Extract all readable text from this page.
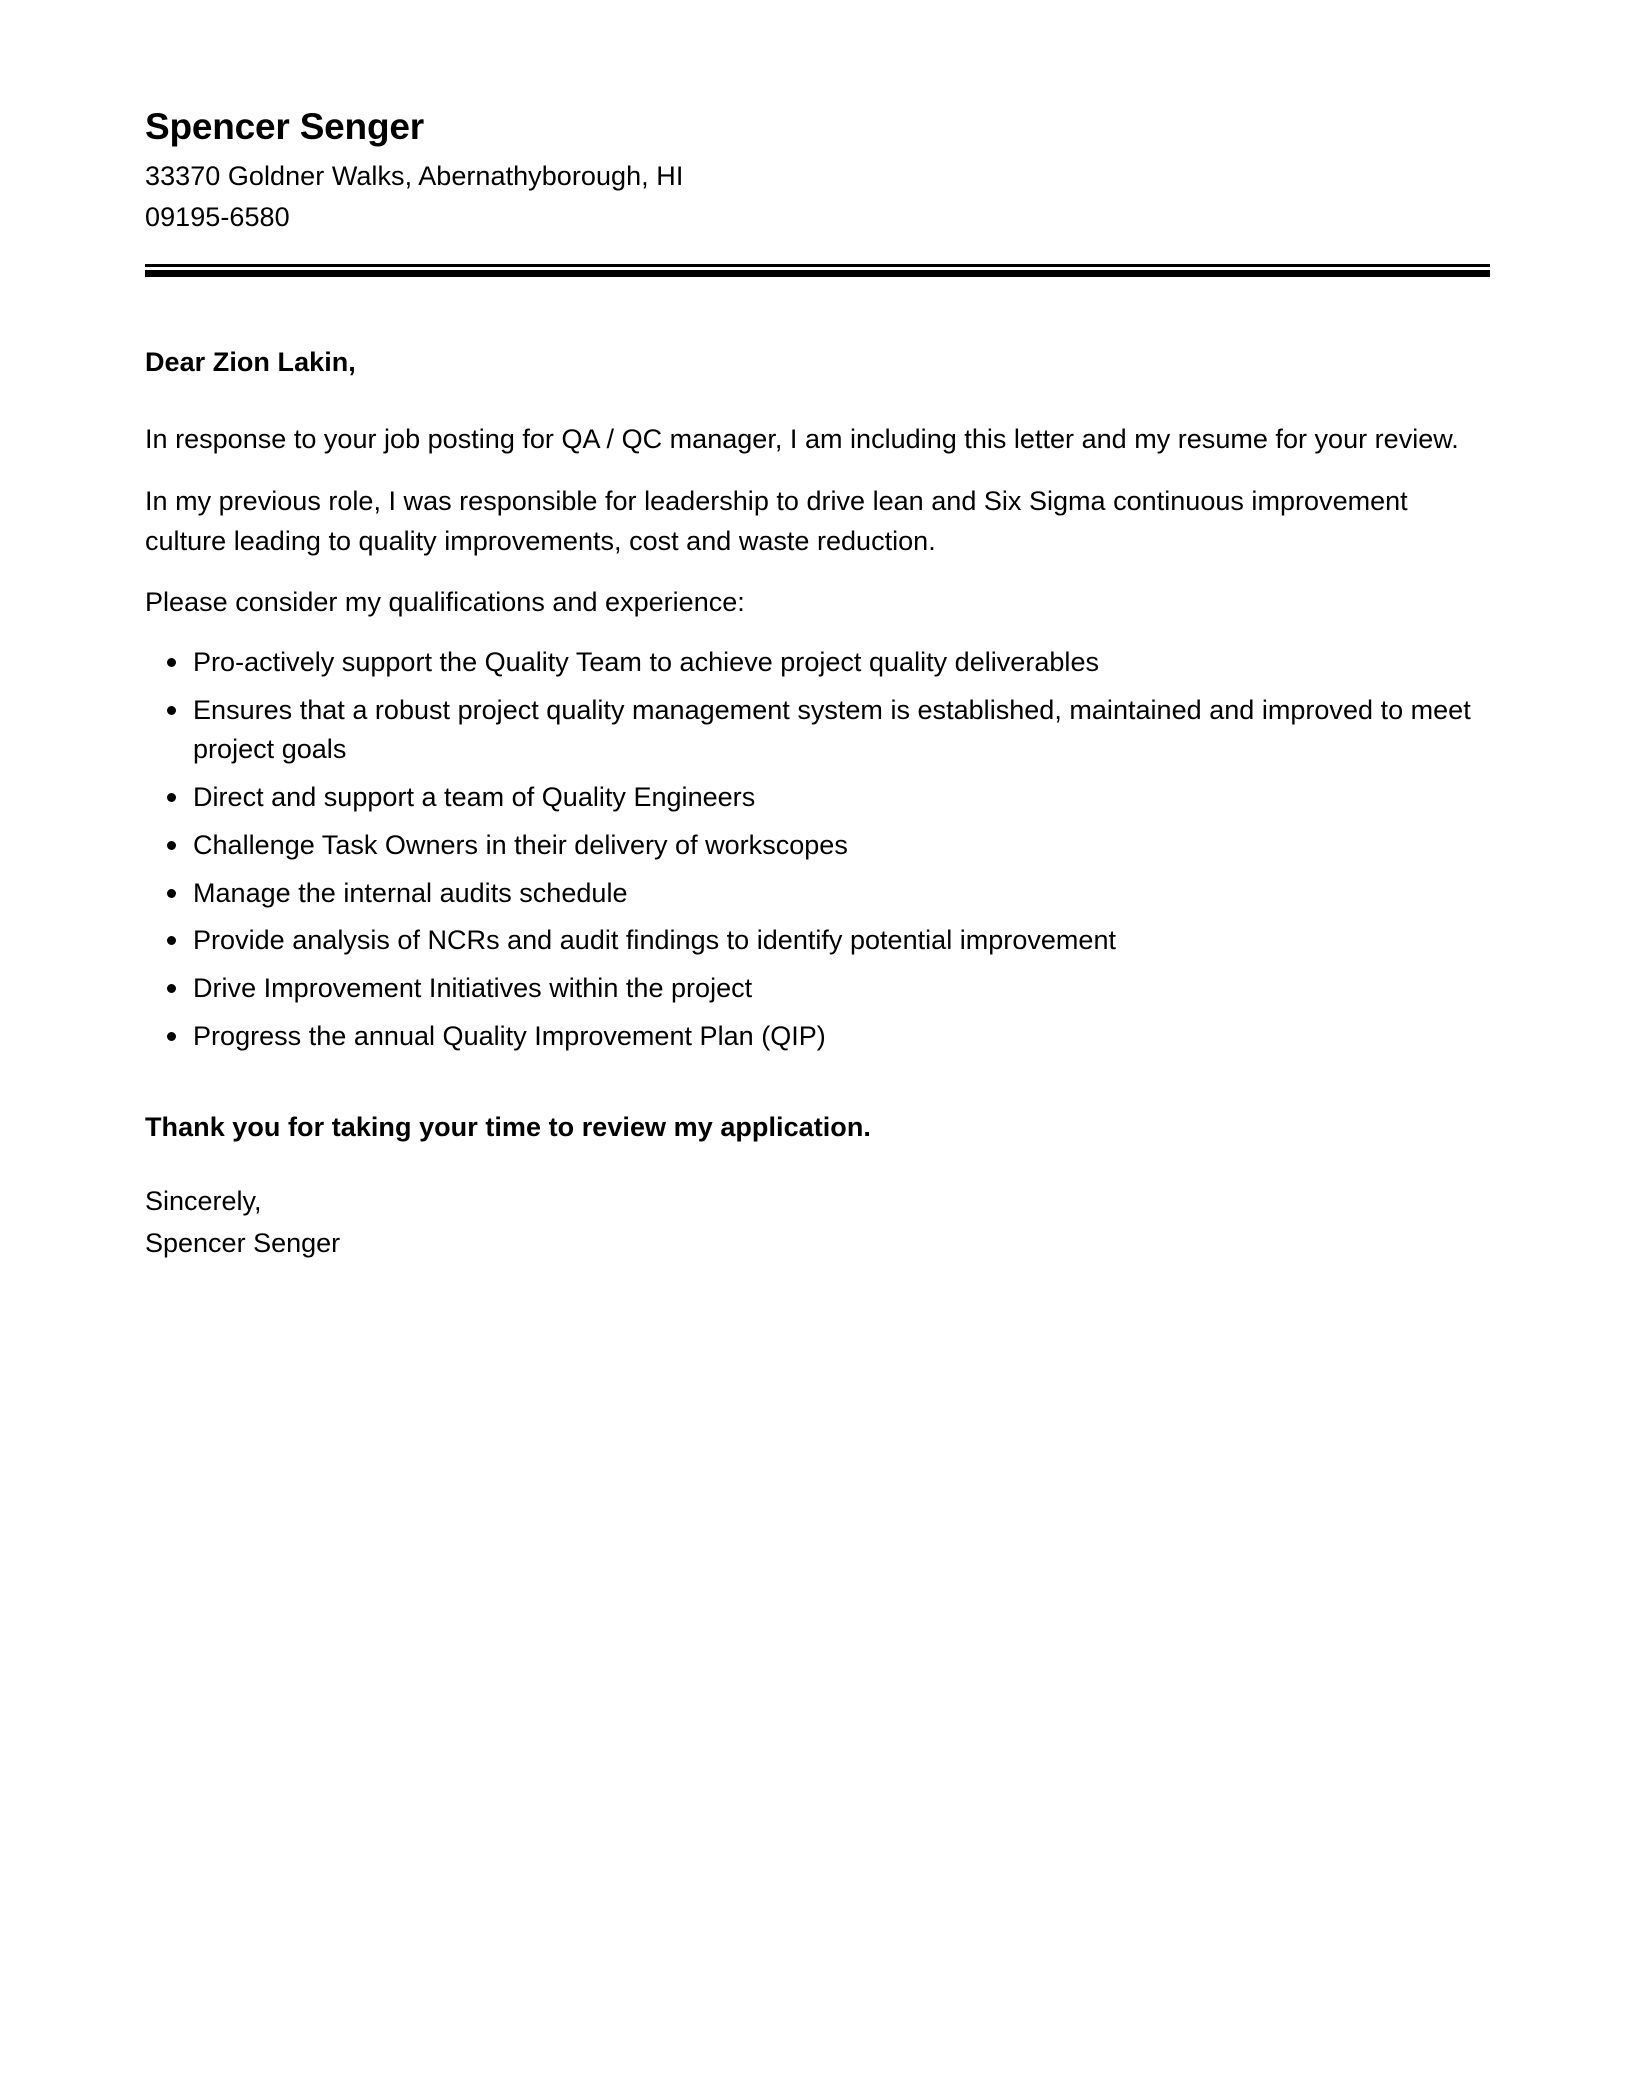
Spencer Senger

33370 Goldner Walks, Abernathyborough, HI

09195-6580

Dear Zion Lakin,

In response to your job posting for QA / QC manager, I am including this letter and my resume for your review.

In my previous role, I was responsible for leadership to drive lean and Six Sigma continuous improvement culture leading to quality improvements, cost and waste reduction.

Please consider my qualifications and experience:

Pro-actively support the Quality Team to achieve project quality deliverables
Ensures that a robust project quality management system is established, maintained and improved to meet project goals
Direct and support a team of Quality Engineers
Challenge Task Owners in their delivery of workscopes
Manage the internal audits schedule
Provide analysis of NCRs and audit findings to identify potential improvement
Drive Improvement Initiatives within the project
Progress the annual Quality Improvement Plan (QIP)

Thank you for taking your time to review my application.

Sincerely,

Spencer Senger
